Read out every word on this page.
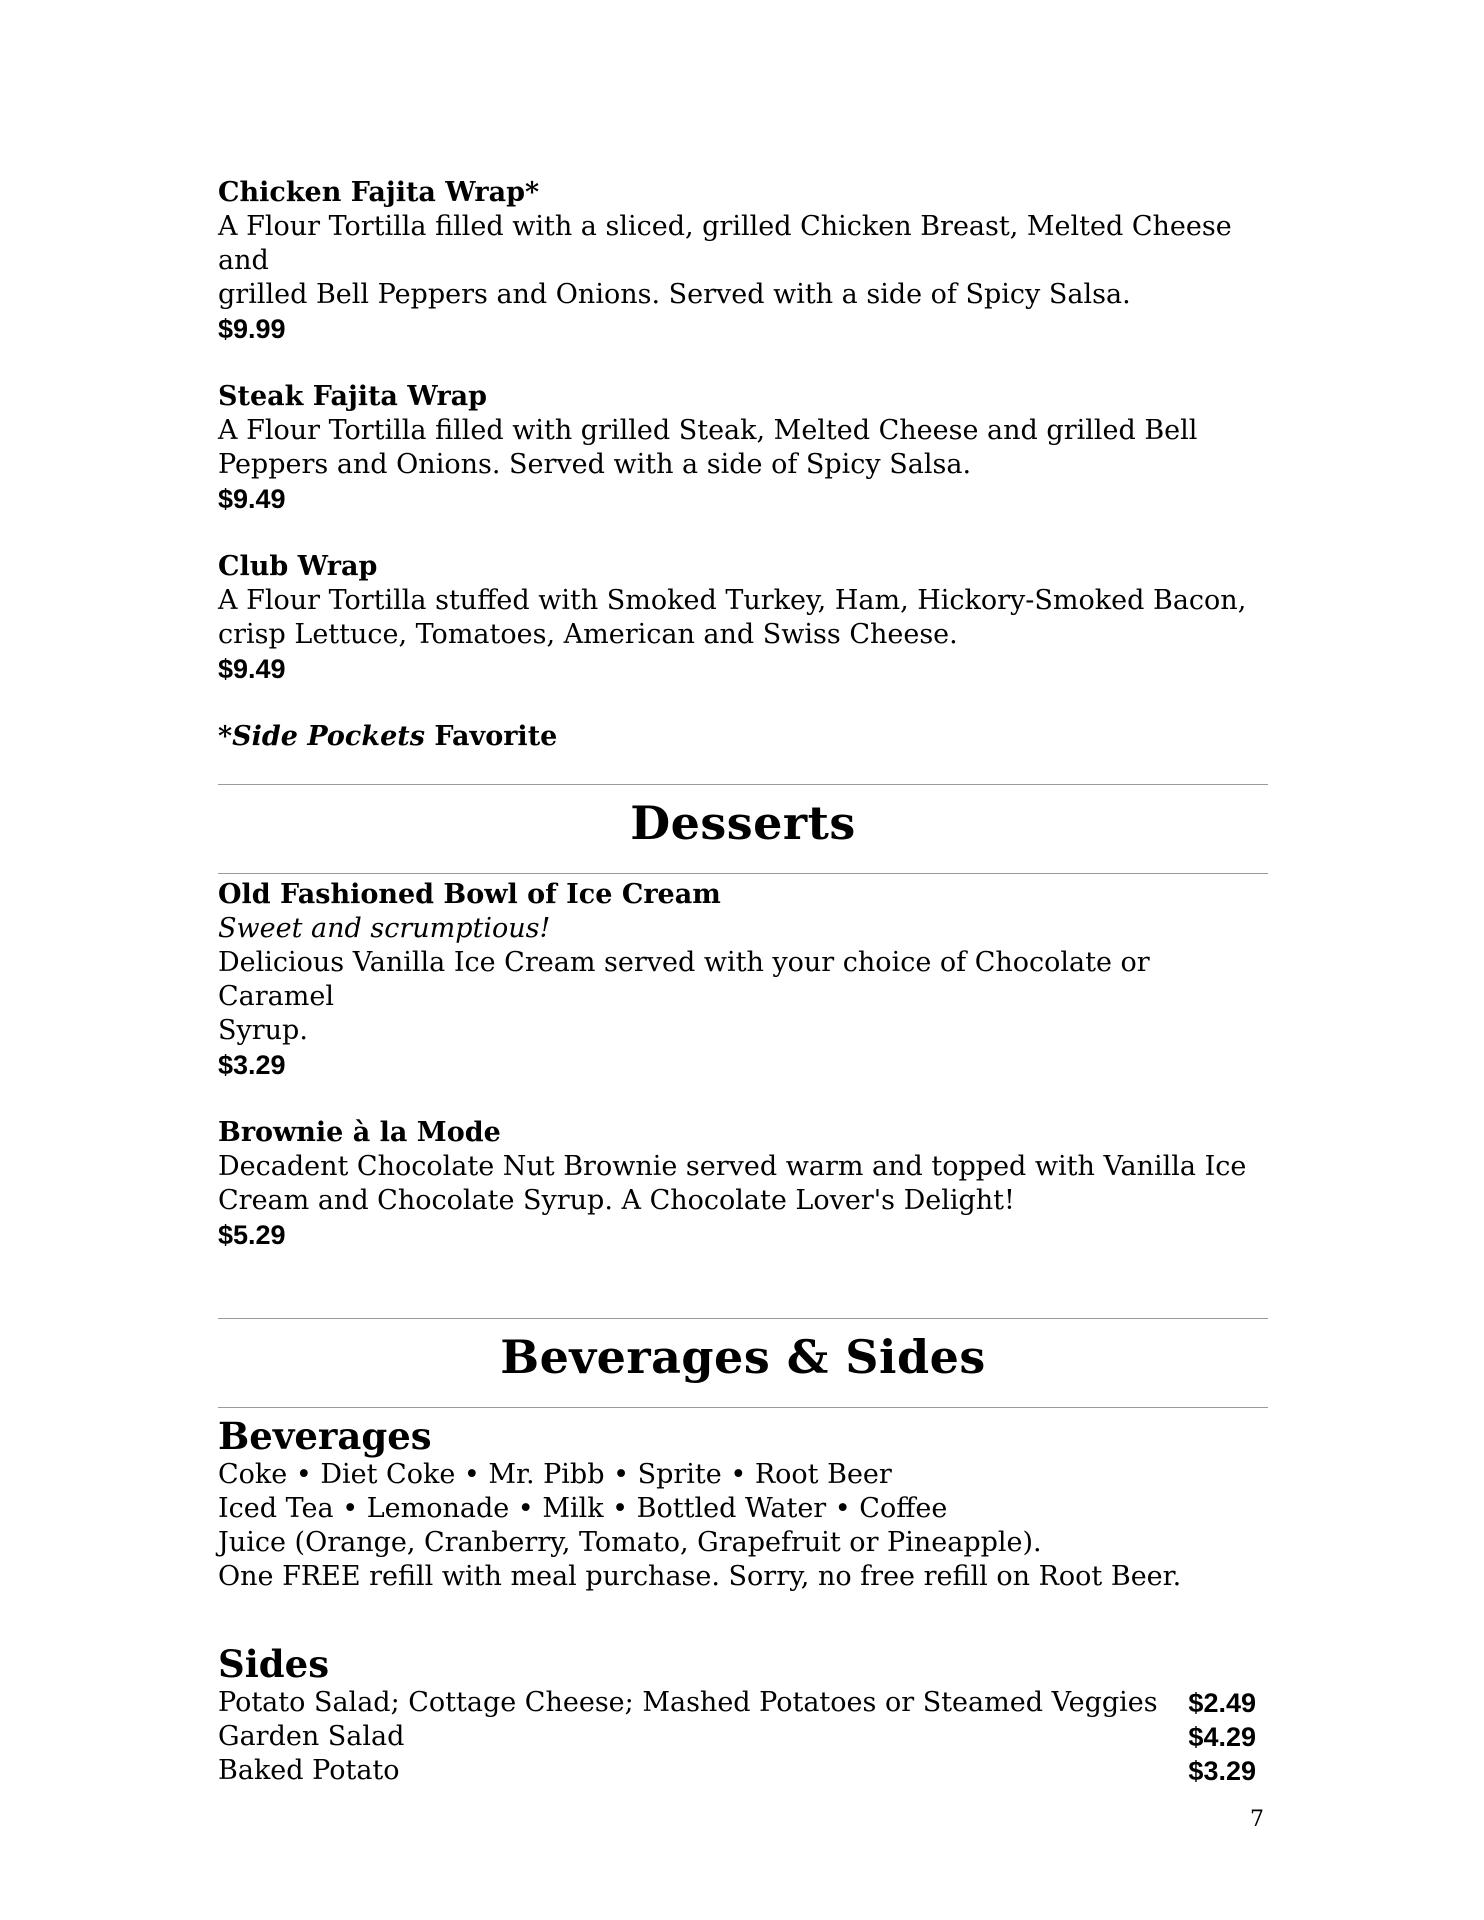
Chicken Fajita Wrap*
A Flour Tortilla filled with a sliced, grilled Chicken Breast, Melted Cheese and
grilled Bell Peppers and Onions. Served with a side of Spicy Salsa.
$9.99
Steak Fajita Wrap
A Flour Tortilla filled with grilled Steak, Melted Cheese and grilled Bell
Peppers and Onions. Served with a side of Spicy Salsa.
$9.49
Club Wrap
A Flour Tortilla stuffed with Smoked Turkey, Ham, Hickory-Smoked Bacon,
crisp Lettuce, Tomatoes, American and Swiss Cheese.
$9.49
*Side Pockets Favorite
Desserts
Old Fashioned Bowl of Ice Cream
Sweet and scrumptious!
Delicious Vanilla Ice Cream served with your choice of Chocolate or Caramel
Syrup.
$3.29
Brownie à la Mode
Decadent Chocolate Nut Brownie served warm and topped with Vanilla Ice
Cream and Chocolate Syrup. A Chocolate Lover's Delight!
$5.29
Beverages & Sides
Beverages
Coke • Diet Coke • Mr. Pibb • Sprite • Root Beer
Iced Tea • Lemonade • Milk • Bottled Water • Coffee
Juice (Orange, Cranberry, Tomato, Grapefruit or Pineapple).
One FREE refill with meal purchase. Sorry, no free refill on Root Beer.
Sides
Potato Salad; Cottage Cheese; Mashed Potatoes or Steamed Veggies $2.49
Garden Salad	$4.29
Baked Potato	$3.29
7
